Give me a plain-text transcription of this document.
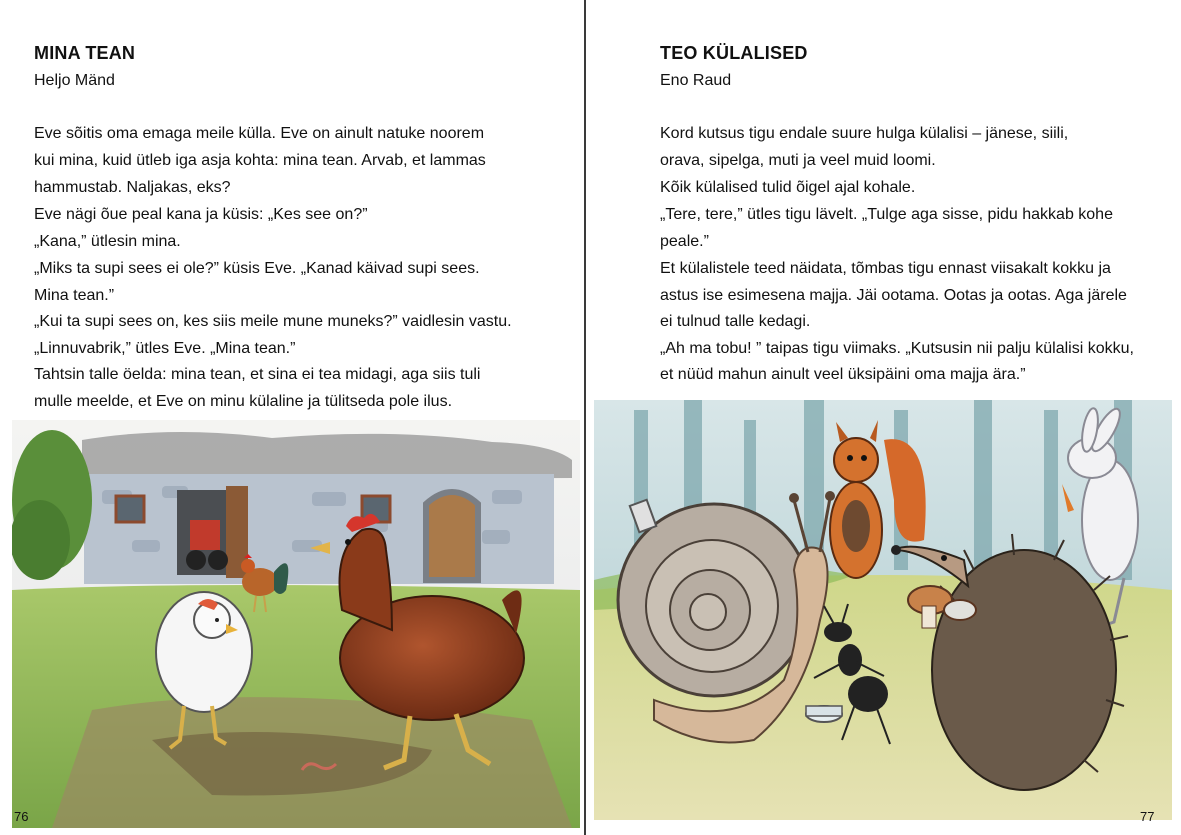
MINA TEAN
Heljo Mänd
Eve sõitis oma emaga meile külla. Eve on ainult natuke noorem
kui mina, kuid ütleb iga asja kohta: mina tean. Arvab, et lammas
hammustab. Naljakas, eks?
Eve nägi õue peal kana ja küsis: „Kes see on?”
„Kana,” ütlesin mina.
„Miks ta supi sees ei ole?” küsis Eve. „Kanad käivad supi sees.
Mina tean.”
„Kui ta supi sees on, kes siis meile mune muneks?” vaidlesin vastu.
„Linnuvabrik,” ütles Eve. „Mina tean.”
Tahtsin talle öelda: mina tean, et sina ei tea midagi, aga siis tuli
mulle meelde, et Eve on minu külaline ja tülitseda pole ilus.
76
TEO KÜLALISED
Eno Raud
Kord kutsus tigu endale suure hulga külalisi – jänese, siili,
orava, sipelga, muti ja veel muid loomi.
Kõik külalised tulid õigel ajal kohale.
„Tere, tere,” ütles tigu lävelt. „Tulge aga sisse, pidu hakkab kohe
peale.”
Et külalistele teed näidata, tõmbas tigu ennast viisakalt kokku ja
astus ise esimesena majja. Jäi ootama. Ootas ja ootas. Aga järele
ei tulnud talle kedagi.
„Ah ma tobu! ” taipas tigu viimaks. „Kutsusin nii palju külalisi kokku,
et nüüd mahun ainult veel üksipäini oma majja ära.”
77
